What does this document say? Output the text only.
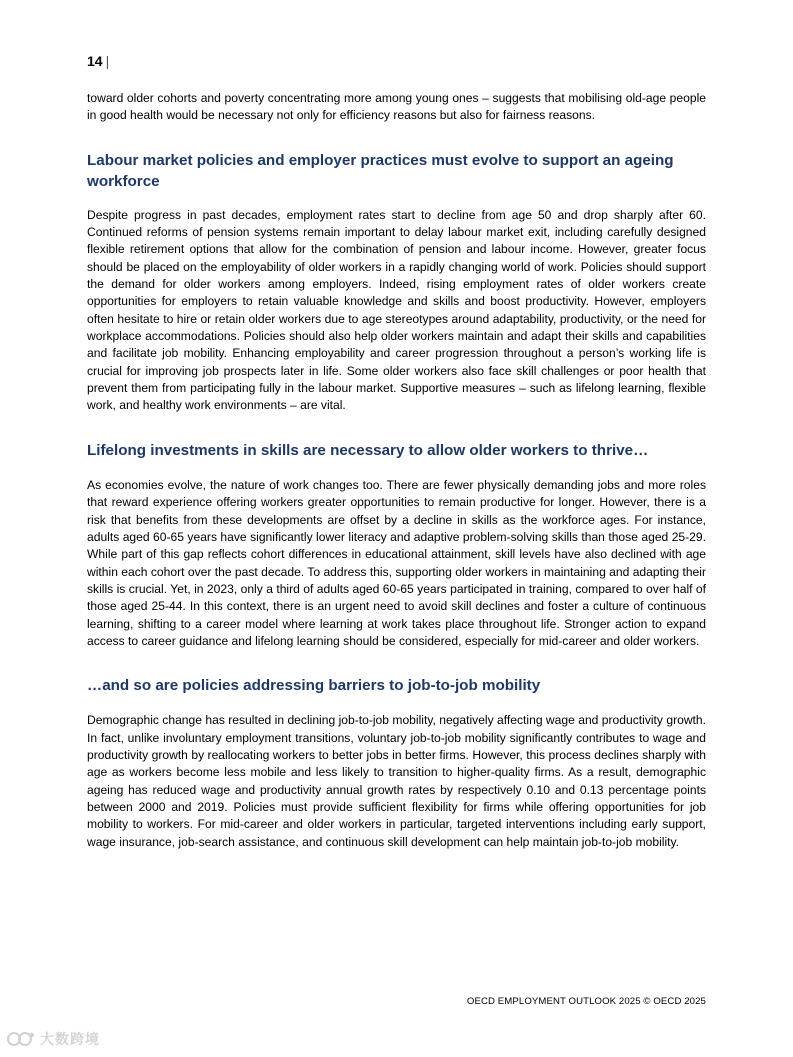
14 |

toward older cohorts and poverty concentrating more among young ones – suggests that mobilising old-age people in good health would be necessary not only for efficiency reasons but also for fairness reasons.

Labour market policies and employer practices must evolve to support an ageing workforce

Despite progress in past decades, employment rates start to decline from age 50 and drop sharply after 60. Continued reforms of pension systems remain important to delay labour market exit, including carefully designed flexible retirement options that allow for the combination of pension and labour income. However, greater focus should be placed on the employability of older workers in a rapidly changing world of work. Policies should support the demand for older workers among employers. Indeed, rising employment rates of older workers create opportunities for employers to retain valuable knowledge and skills and boost productivity. However, employers often hesitate to hire or retain older workers due to age stereotypes around adaptability, productivity, or the need for workplace accommodations. Policies should also help older workers maintain and adapt their skills and capabilities and facilitate job mobility. Enhancing employability and career progression throughout a person’s working life is crucial for improving job prospects later in life. Some older workers also face skill challenges or poor health that prevent them from participating fully in the labour market. Supportive measures – such as lifelong learning, flexible work, and healthy work environments – are vital.

Lifelong investments in skills are necessary to allow older workers to thrive…

As economies evolve, the nature of work changes too. There are fewer physically demanding jobs and more roles that reward experience offering workers greater opportunities to remain productive for longer. However, there is a risk that benefits from these developments are offset by a decline in skills as the workforce ages. For instance, adults aged 60-65 years have significantly lower literacy and adaptive problem-solving skills than those aged 25-29. While part of this gap reflects cohort differences in educational attainment, skill levels have also declined with age within each cohort over the past decade. To address this, supporting older workers in maintaining and adapting their skills is crucial. Yet, in 2023, only a third of adults aged 60-65 years participated in training, compared to over half of those aged 25-44. In this context, there is an urgent need to avoid skill declines and foster a culture of continuous learning, shifting to a career model where learning at work takes place throughout life. Stronger action to expand access to career guidance and lifelong learning should be considered, especially for mid-career and older workers.

…and so are policies addressing barriers to job-to-job mobility

Demographic change has resulted in declining job-to-job mobility, negatively affecting wage and productivity growth. In fact, unlike involuntary employment transitions, voluntary job-to-job mobility significantly contributes to wage and productivity growth by reallocating workers to better jobs in better firms. However, this process declines sharply with age as workers become less mobile and less likely to transition to higher-quality firms. As a result, demographic ageing has reduced wage and productivity annual growth rates by respectively 0.10 and 0.13 percentage points between 2000 and 2019. Policies must provide sufficient flexibility for firms while offering opportunities for job mobility to workers. For mid-career and older workers in particular, targeted interventions including early support, wage insurance, job-search assistance, and continuous skill development can help maintain job-to-job mobility.

OECD EMPLOYMENT OUTLOOK 2025 © OECD 2025
大数跨境
